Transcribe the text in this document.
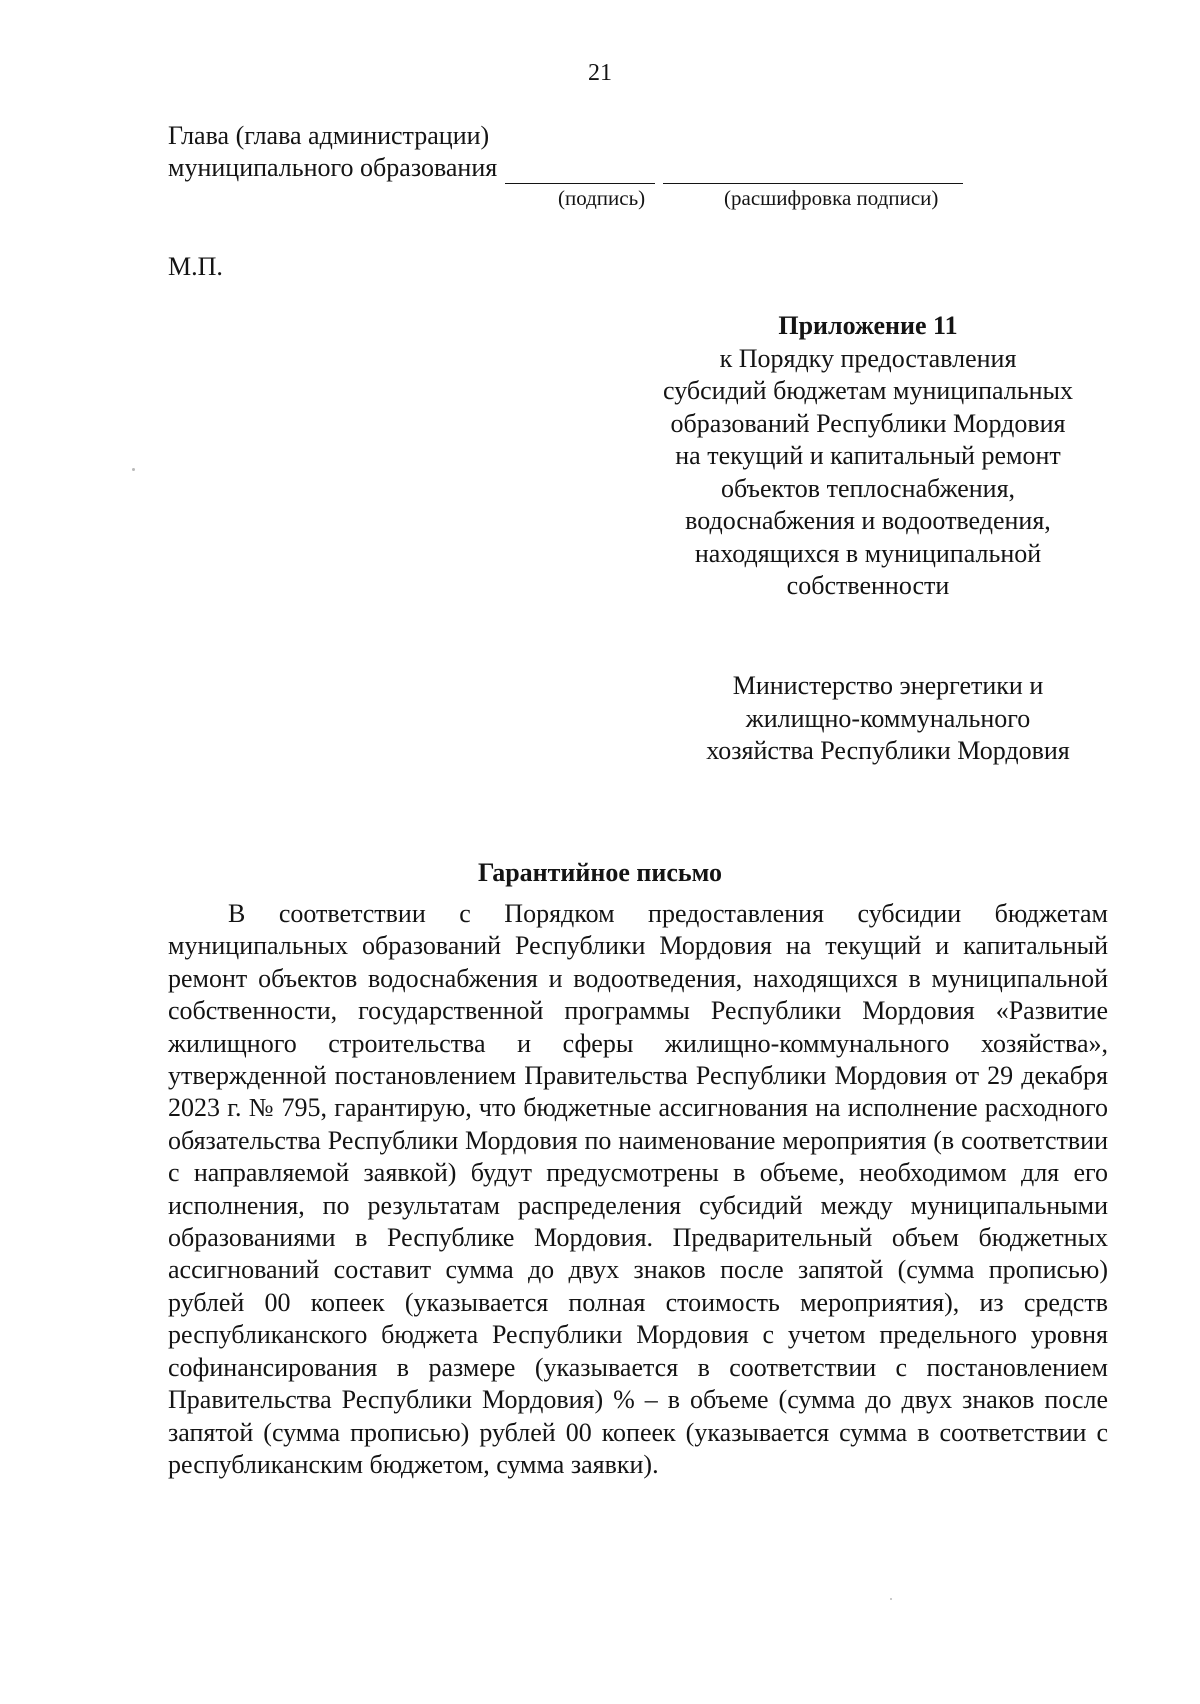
21
Глава (глава администрации)
муниципального образования
(подпись)	(расшифровка подписи)
М.П.
Приложение 11
к Порядку предоставления
субсидий бюджетам муниципальных
образований Республики Мордовия
на текущий и капитальный ремонт
объектов теплоснабжения,
водоснабжения и водоотведения,
находящихся в муниципальной
собственности
Министерство энергетики и
жилищно-коммунального
хозяйства Республики Мордовия
Гарантийное письмо

В соответствии с Порядком предоставления субсидии бюджетам муниципальных образований Республики Мордовия на текущий и капитальный ремонт объектов водоснабжения и водоотведения, находящихся в муниципальной собственности, государственной программы Республики Мордовия «Развитие жилищного строительства и сферы жилищно-коммунального хозяйства», утвержденной постановлением Правительства Республики Мордовия от 29 декабря 2023 г. № 795, гарантирую, что бюджетные ассигнования на исполнение расходного обязательства Республики Мордовия по наименование мероприятия (в соответствии с направляемой заявкой) будут предусмотрены в объеме, необходимом для его исполнения, по результатам распределения субсидий между муниципальными образованиями в Республике Мордовия. Предварительный объем бюджетных ассигнований составит сумма до двух знаков после запятой (сумма прописью) рублей 00 копеек (указывается полная стоимость мероприятия), из средств республиканского бюджета Республики Мордовия с учетом предельного уровня софинансирования в размере (указывается в соответствии с постановлением Правительства Республики Мордовия) % – в объеме (сумма до двух знаков после запятой (сумма прописью) рублей 00 копеек (указывается сумма в соответствии с республиканским бюджетом, сумма заявки).
